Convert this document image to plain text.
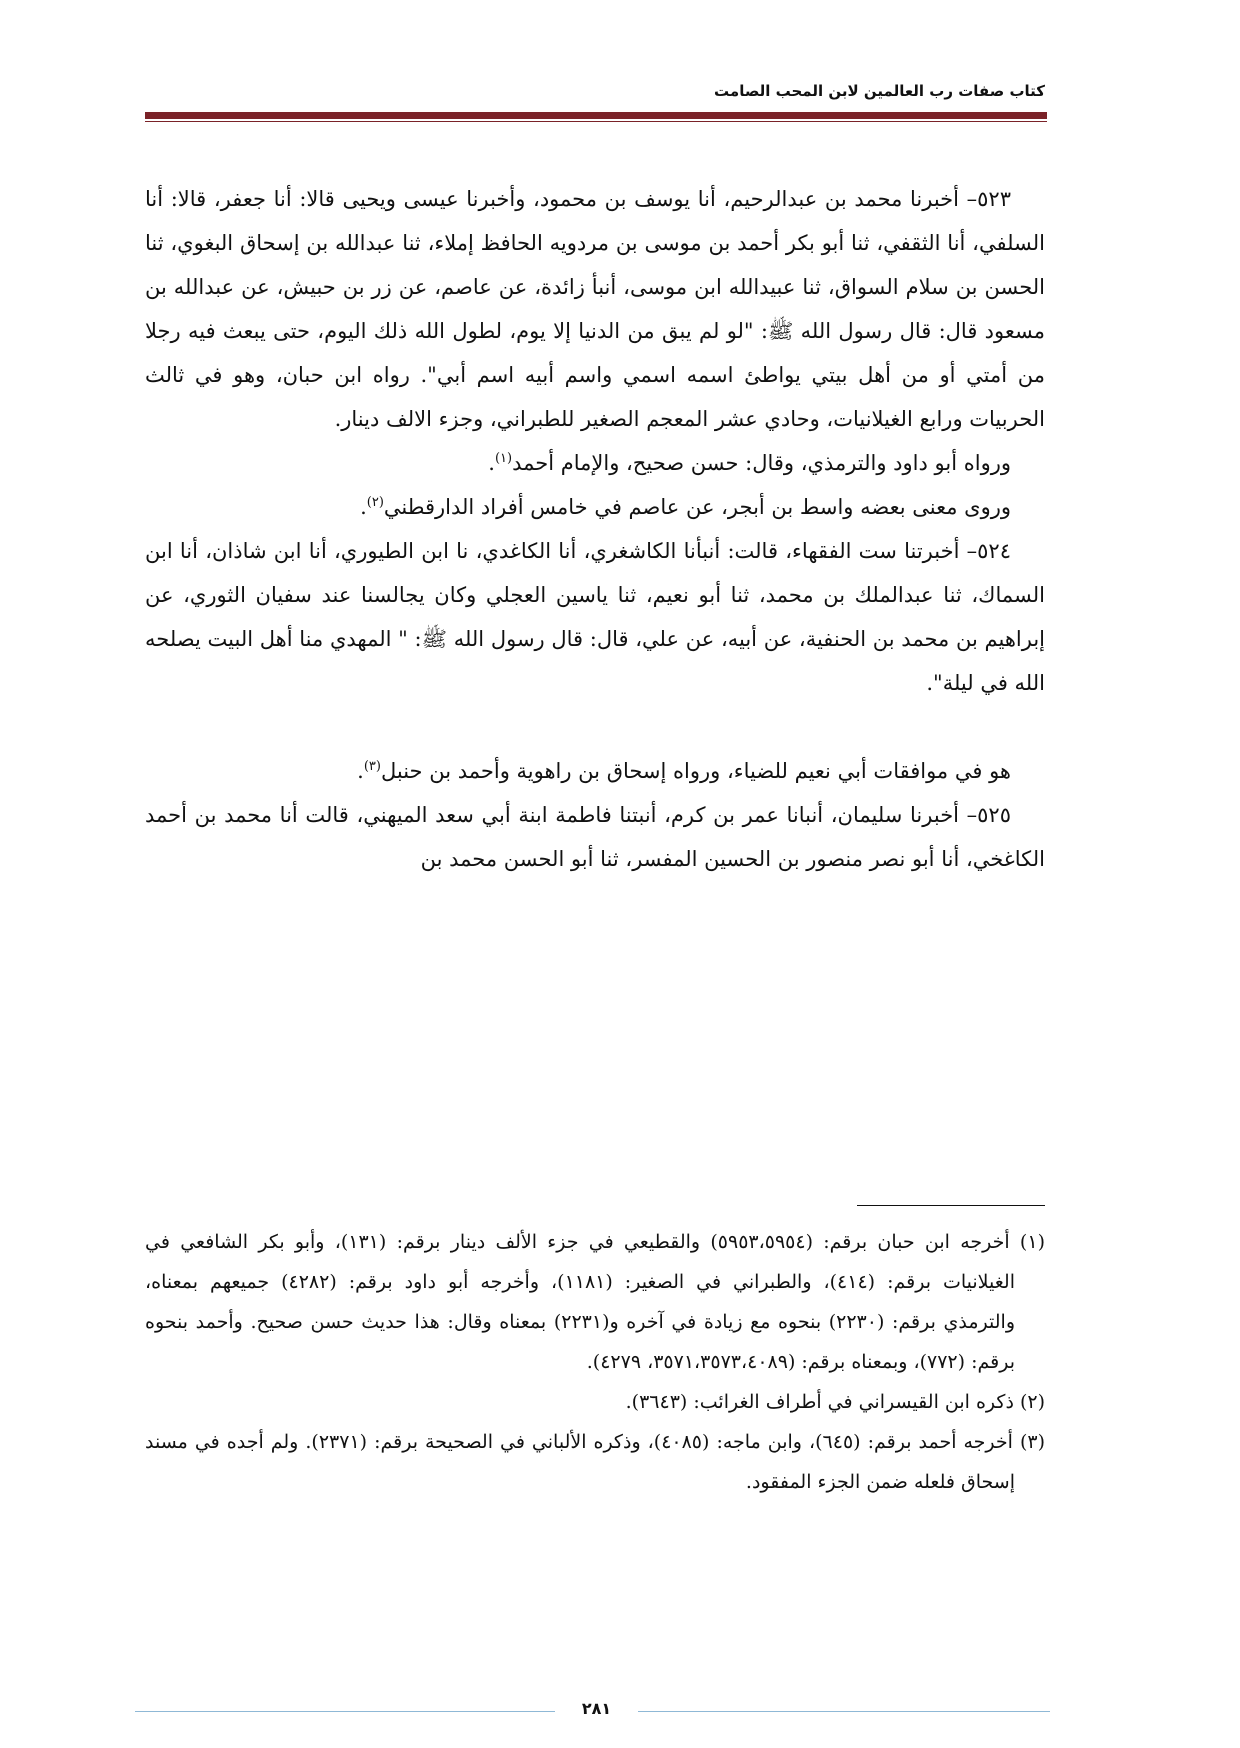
كتاب صفات رب العالمين لابن المحب الصامت

٥٢٣– أخبرنا محمد بن عبدالرحيم، أنا يوسف بن محمود، وأخبرنا عيسى ويحيى قالا: أنا جعفر، قالا: أنا السلفي، أنا الثقفي، ثنا أبو بكر أحمد بن موسى بن مردويه الحافظ إملاء، ثنا عبدالله بن إسحاق البغوي، ثنا الحسن بن سلام السواق، ثنا عبيدالله ابن موسى، أنبأ زائدة، عن عاصم، عن زر بن حبيش، عن عبدالله بن مسعود قال: قال رسول الله ﷺ: "لو لم يبق من الدنيا إلا يوم، لطول الله ذلك اليوم، حتى يبعث فيه رجلا من أمتي أو من أهل بيتي يواطئ اسمه اسمي واسم أبيه اسم أبي". رواه ابن حبان، وهو في ثالث الحربيات ورابع الغيلانيات، وحادي عشر المعجم الصغير للطبراني، وجزء الالف دينار.

ورواه أبو داود والترمذي، وقال: حسن صحيح، والإمام أحمد$^{(١)}$.

وروى معنى بعضه واسط بن أبجر، عن عاصم في خامس أفراد الدارقطني$^{(٢)}$.

٥٢٤– أخبرتنا ست الفقهاء، قالت: أنبأنا الكاشغري، أنا الكاغدي، نا ابن الطيوري، أنا ابن شاذان، أنا ابن السماك، ثنا عبدالملك بن محمد، ثنا أبو نعيم، ثنا ياسين العجلي وكان يجالسنا عند سفيان الثوري، عن إبراهيم بن محمد بن الحنفية، عن أبيه، عن علي، قال: قال رسول الله ﷺ: " المهدي منا أهل البيت يصلحه الله في ليلة".

هو في موافقات أبي نعيم للضياء، ورواه إسحاق بن راهوية وأحمد بن حنبل$^{(٣)}$.

٥٢٥– أخبرنا سليمان، أنبانا عمر بن كرم، أنبتنا فاطمة ابنة أبي سعد الميهني، قالت أنا محمد بن أحمد الكاغخي، أنا أبو نصر منصور بن الحسين المفسر، ثنا أبو الحسن محمد بن

(١) أخرجه ابن حبان برقم: (٥٩٥٣،٥٩٥٤) والقطيعي في جزء الألف دينار برقم: (١٣١)، وأبو بكر الشافعي في الغيلانيات برقم: (٤١٤)، والطبراني في الصغير: (١١٨١)، وأخرجه أبو داود برقم: (٤٢٨٢) جميعهم بمعناه، والترمذي برقم: (٢٢٣٠) بنحوه مع زيادة في آخره و(٢٢٣١) بمعناه وقال: هذا حديث حسن صحيح. وأحمد بنحوه برقم: (٧٧٢)، وبمعناه برقم: (٣٥٧١،٣٥٧٣،٤٠٨٩، ٤٢٧٩).

(٢) ذكره ابن القيسراني في أطراف الغرائب: (٣٦٤٣).

(٣) أخرجه أحمد برقم: (٦٤٥)، وابن ماجه: (٤٠٨٥)، وذكره الألباني في الصحيحة برقم: (٢٣٧١). ولم أجده في مسند إسحاق فلعله ضمن الجزء المفقود.

٢٨١
